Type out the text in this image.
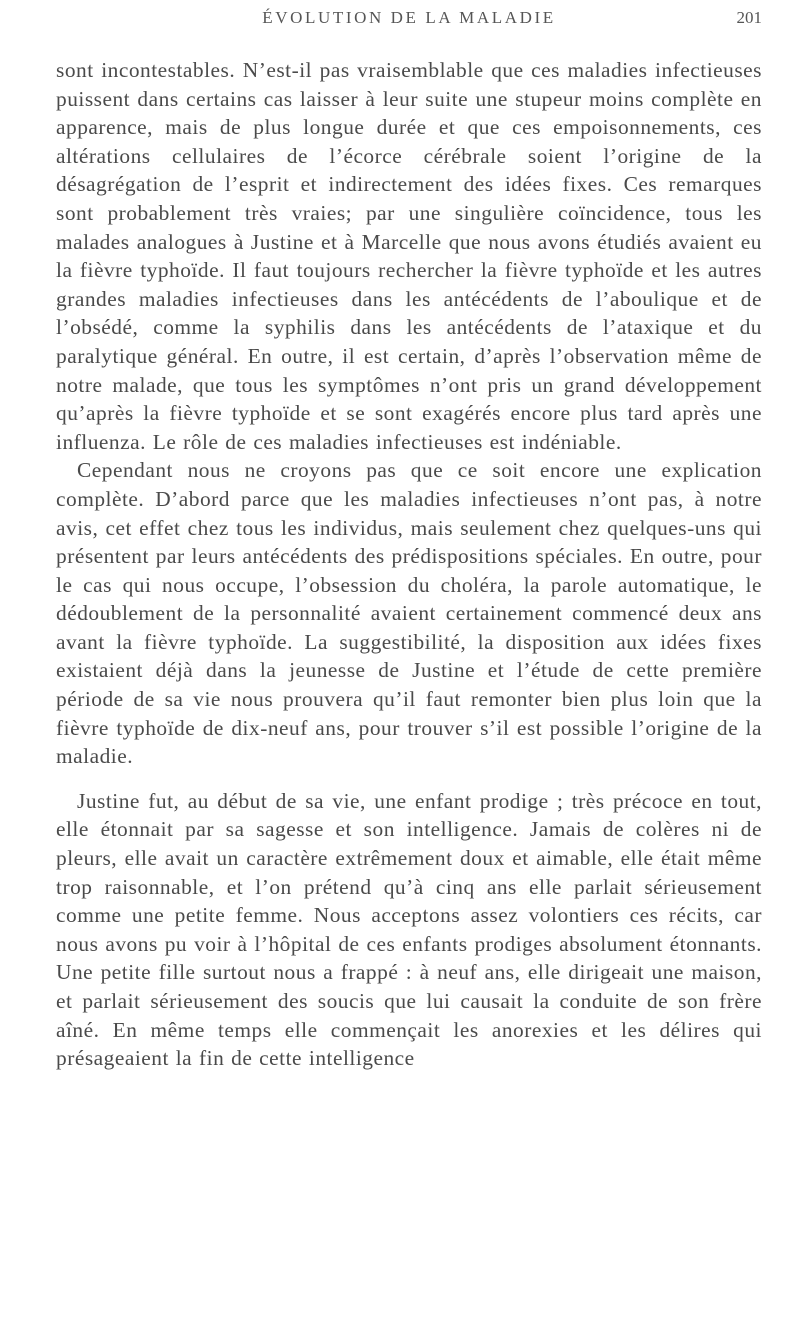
ÉVOLUTION DE LA MALADIE	201

sont incontestables. N’est-il pas vraisemblable que ces maladies infectieuses puissent dans certains cas laisser à leur suite une stupeur moins complète en apparence, mais de plus longue durée et que ces empoisonnements, ces altérations cellulaires de l’écorce cérébrale soient l’origine de la désagrégation de l’esprit et indirectement des idées fixes. Ces remarques sont probablement très vraies; par une singulière coïncidence, tous les malades analogues à Justine et à Marcelle que nous avons étudiés avaient eu la fièvre typhoïde. Il faut toujours rechercher la fièvre typhoïde et les autres grandes maladies infectieuses dans les antécédents de l’aboulique et de l’obsédé, comme la syphilis dans les antécédents de l’ataxique et du paralytique général. En outre, il est certain, d’après l’observation même de notre malade, que tous les symptômes n’ont pris un grand développement qu’après la fièvre typhoïde et se sont exagérés encore plus tard après une influenza. Le rôle de ces maladies infectieuses est indéniable.

Cependant nous ne croyons pas que ce soit encore une explication complète. D’abord parce que les maladies infectieuses n’ont pas, à notre avis, cet effet chez tous les individus, mais seulement chez quelques-uns qui présentent par leurs antécédents des prédispositions spéciales. En outre, pour le cas qui nous occupe, l’obsession du choléra, la parole automatique, le dédoublement de la personnalité avaient certainement commencé deux ans avant la fièvre typhoïde. La suggestibilité, la disposition aux idées fixes existaient déjà dans la jeunesse de Justine et l’étude de cette première période de sa vie nous prouvera qu’il faut remonter bien plus loin que la fièvre typhoïde de dix-neuf ans, pour trouver s’il est possible l’origine de la maladie.

Justine fut, au début de sa vie, une enfant prodige ; très précoce en tout, elle étonnait par sa sagesse et son intelligence. Jamais de colères ni de pleurs, elle avait un caractère extrêmement doux et aimable, elle était même trop raisonnable, et l’on prétend qu’à cinq ans elle parlait sérieusement comme une petite femme. Nous acceptons assez volontiers ces récits, car nous avons pu voir à l’hôpital de ces enfants prodiges absolument étonnants. Une petite fille surtout nous a frappé : à neuf ans, elle dirigeait une maison, et parlait sérieusement des soucis que lui causait la conduite de son frère aîné. En même temps elle commençait les anorexies et les délires qui présageaient la fin de cette intelligence
